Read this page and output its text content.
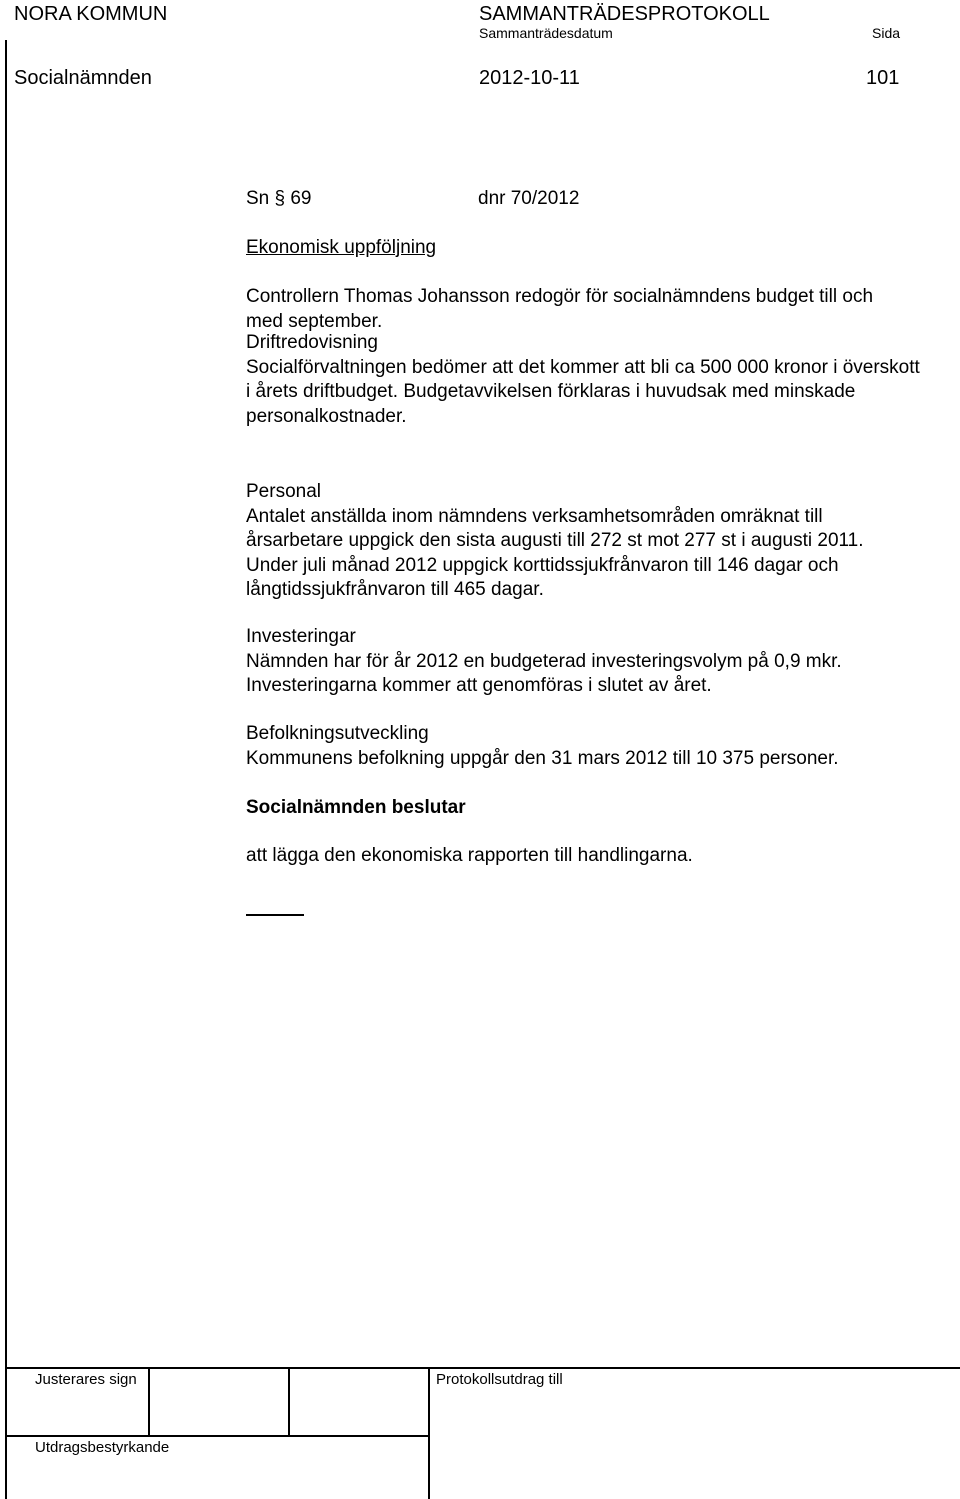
NORA KOMMUN	SAMMANTRÄDESPROTOKOLL
Sammanträdesdatum	Sida
Socialnämnden	2012-10-11	101
Sn § 69	dnr 70/2012
Ekonomisk uppföljning

Controllern Thomas Johansson redogör för socialnämndens budget till och med september.

Driftredovisning

Socialförvaltningen bedömer att det kommer att bli ca 500 000 kronor i överskott i årets driftbudget. Budgetavvikelsen förklaras i huvudsak med minskade personalkostnader.

Personal

Antalet anställda inom nämndens verksamhetsområden omräknat till årsarbetare uppgick den sista augusti till 272 st mot 277 st i augusti 2011. Under juli månad 2012 uppgick korttidssjukfrånvaron till 146 dagar och långtidssjukfrånvaron till 465 dagar.

Investeringar

Nämnden har för år 2012 en budgeterad investeringsvolym på 0,9 mkr. Investeringarna kommer att genomföras i slutet av året.

Befolkningsutveckling

Kommunens befolkning uppgår den 31 mars 2012 till 10 375 personer.

Socialnämnden beslutar
att lägga den ekonomiska rapporten till handlingarna.
Justerares sign	Protokollsutdrag till
Utdragsbestyrkande
